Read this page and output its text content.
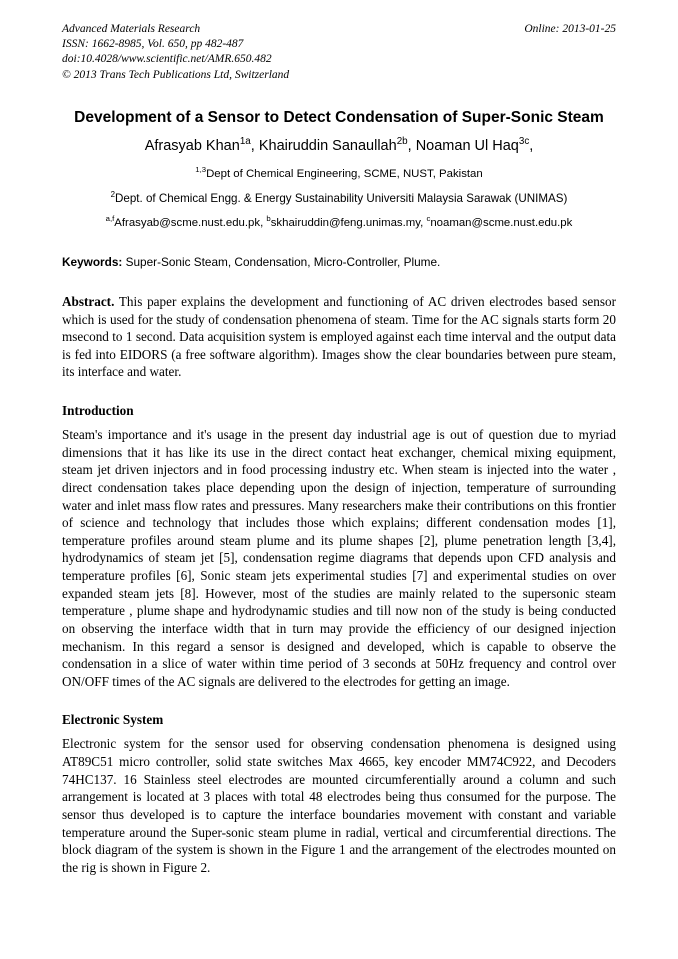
Advanced Materials Research
ISSN: 1662-8985, Vol. 650, pp 482-487
doi:10.4028/www.scientific.net/AMR.650.482
© 2013 Trans Tech Publications Ltd, Switzerland
Online: 2013-01-25
Development of a Sensor to Detect Condensation of Super-Sonic Steam
Afrasyab Khan$^{1a}$, Khairuddin Sanaullah$^{2b}$, Noaman Ul Haq$^{3c}$,
$^{1,3}$Dept of Chemical Engineering, SCME, NUST, Pakistan
$^2$Dept. of Chemical Engg. & Energy Sustainability Universiti Malaysia Sarawak (UNIMAS)
$^{a,f}$Afrasyab@scme.nust.edu.pk, $^b$skhairuddin@feng.unimas.my, $^c$noaman@scme.nust.edu.pk
Keywords: Super-Sonic Steam, Condensation, Micro-Controller, Plume.
Abstract. This paper explains the development and functioning of AC driven electrodes based sensor which is used for the study of condensation phenomena of steam. Time for the AC signals starts form 20 msecond to 1 second. Data acquisition system is employed against each time interval and the output data is fed into EIDORS (a free software algorithm). Images show the clear boundaries between pure steam, its interface and water.
Introduction
Steam's importance and it's usage in the present day industrial age is out of question due to myriad dimensions that it has like its use in the direct contact heat exchanger, chemical mixing equipment, steam jet driven injectors and in food processing industry etc. When steam is injected into the water , direct condensation takes place depending upon the design of injection, temperature of surrounding water and inlet mass flow rates and pressures. Many researchers make their contributions on this frontier of science and technology that includes those which explains; different condensation modes [1], temperature profiles around steam plume and its plume shapes [2], plume penetration length [3,4], hydrodynamics of steam jet [5], condensation regime diagrams that depends upon CFD analysis and temperature profiles [6], Sonic steam jets experimental studies [7] and experimental studies on over expanded steam jets [8]. However, most of the studies are mainly related to the supersonic steam temperature , plume shape and hydrodynamic studies and till now non of the study is being conducted on observing the interface width that in turn may provide the efficiency of our designed injection mechanism. In this regard a sensor is designed and developed, which is capable to observe the condensation in a slice of water within time period of 3 seconds at 50Hz frequency and control over ON/OFF times of the AC signals are delivered to the electrodes for getting an image.
Electronic System
Electronic system for the sensor used for observing condensation phenomena is designed using AT89C51 micro controller, solid state switches Max 4665, key encoder MM74C922, and Decoders 74HC137. 16 Stainless steel electrodes are mounted circumferentially around a column and such arrangement is located at 3 places with total 48 electrodes being thus consumed for the purpose. The sensor thus developed is to capture the interface boundaries movement with constant and variable temperature around the Super-sonic steam plume in radial, vertical and circumferential directions. The block diagram of the system is shown in the Figure 1 and the arrangement of the electrodes mounted on the rig is shown in Figure 2.
